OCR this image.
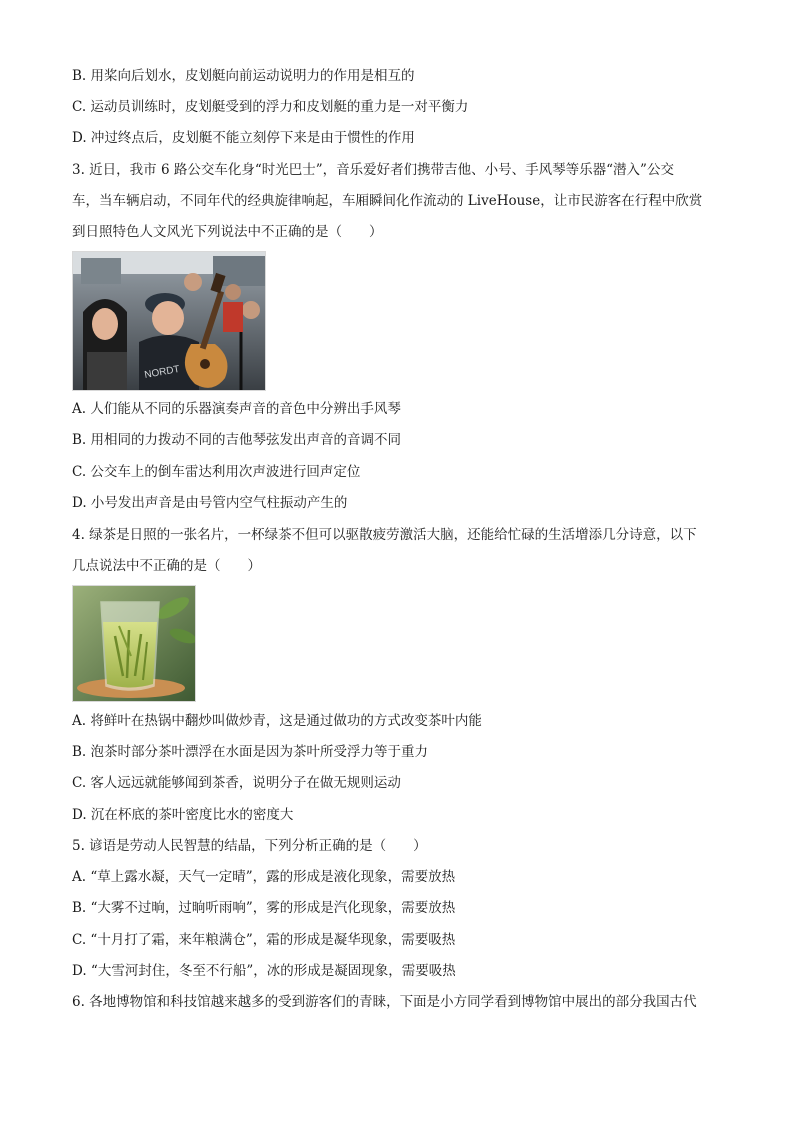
B. 用桨向后划水，皮划艇向前运动说明力的作用是相互的
C. 运动员训练时，皮划艇受到的浮力和皮划艇的重力是一对平衡力
D. 冲过终点后，皮划艇不能立刻停下来是由于惯性的作用
3. 近日，我市 6 路公交车化身“时光巴士”，音乐爱好者们携带吉他、小号、手风琴等乐器“潜入”公交
车，当车辆启动，不同年代的经典旋律响起，车厢瞬间化作流动的 LiveHouse，让市民游客在行程中欣赏
到日照特色人文风光下列说法中不正确的是（　　）
NORDT
A. 人们能从不同的乐器演奏声音的音色中分辨出手风琴
B. 用相同的力拨动不同的吉他琴弦发出声音的音调不同
C. 公交车上的倒车雷达利用次声波进行回声定位
D. 小号发出声音是由号管内空气柱振动产生的
4. 绿茶是日照的一张名片，一杯绿茶不但可以驱散疲劳激活大脑，还能给忙碌的生活增添几分诗意，以下
几点说法中不正确的是（　　）
A. 将鲜叶在热锅中翻炒叫做炒青，这是通过做功的方式改变茶叶内能
B. 泡茶时部分茶叶漂浮在水面是因为茶叶所受浮力等于重力
C. 客人远远就能够闻到茶香，说明分子在做无规则运动
D. 沉在杯底的茶叶密度比水的密度大
5. 谚语是劳动人民智慧的结晶，下列分析正确的是（　　）
A. “草上露水凝，天气一定晴”，露的形成是液化现象，需要放热
B. “大雾不过晌，过晌听雨响”，雾的形成是汽化现象，需要放热
C. “十月打了霜，来年粮满仓”，霜的形成是凝华现象，需要吸热
D. “大雪河封住，冬至不行船”，冰的形成是凝固现象，需要吸热
6. 各地博物馆和科技馆越来越多的受到游客们的青睐，下面是小方同学看到博物馆中展出的部分我国古代
